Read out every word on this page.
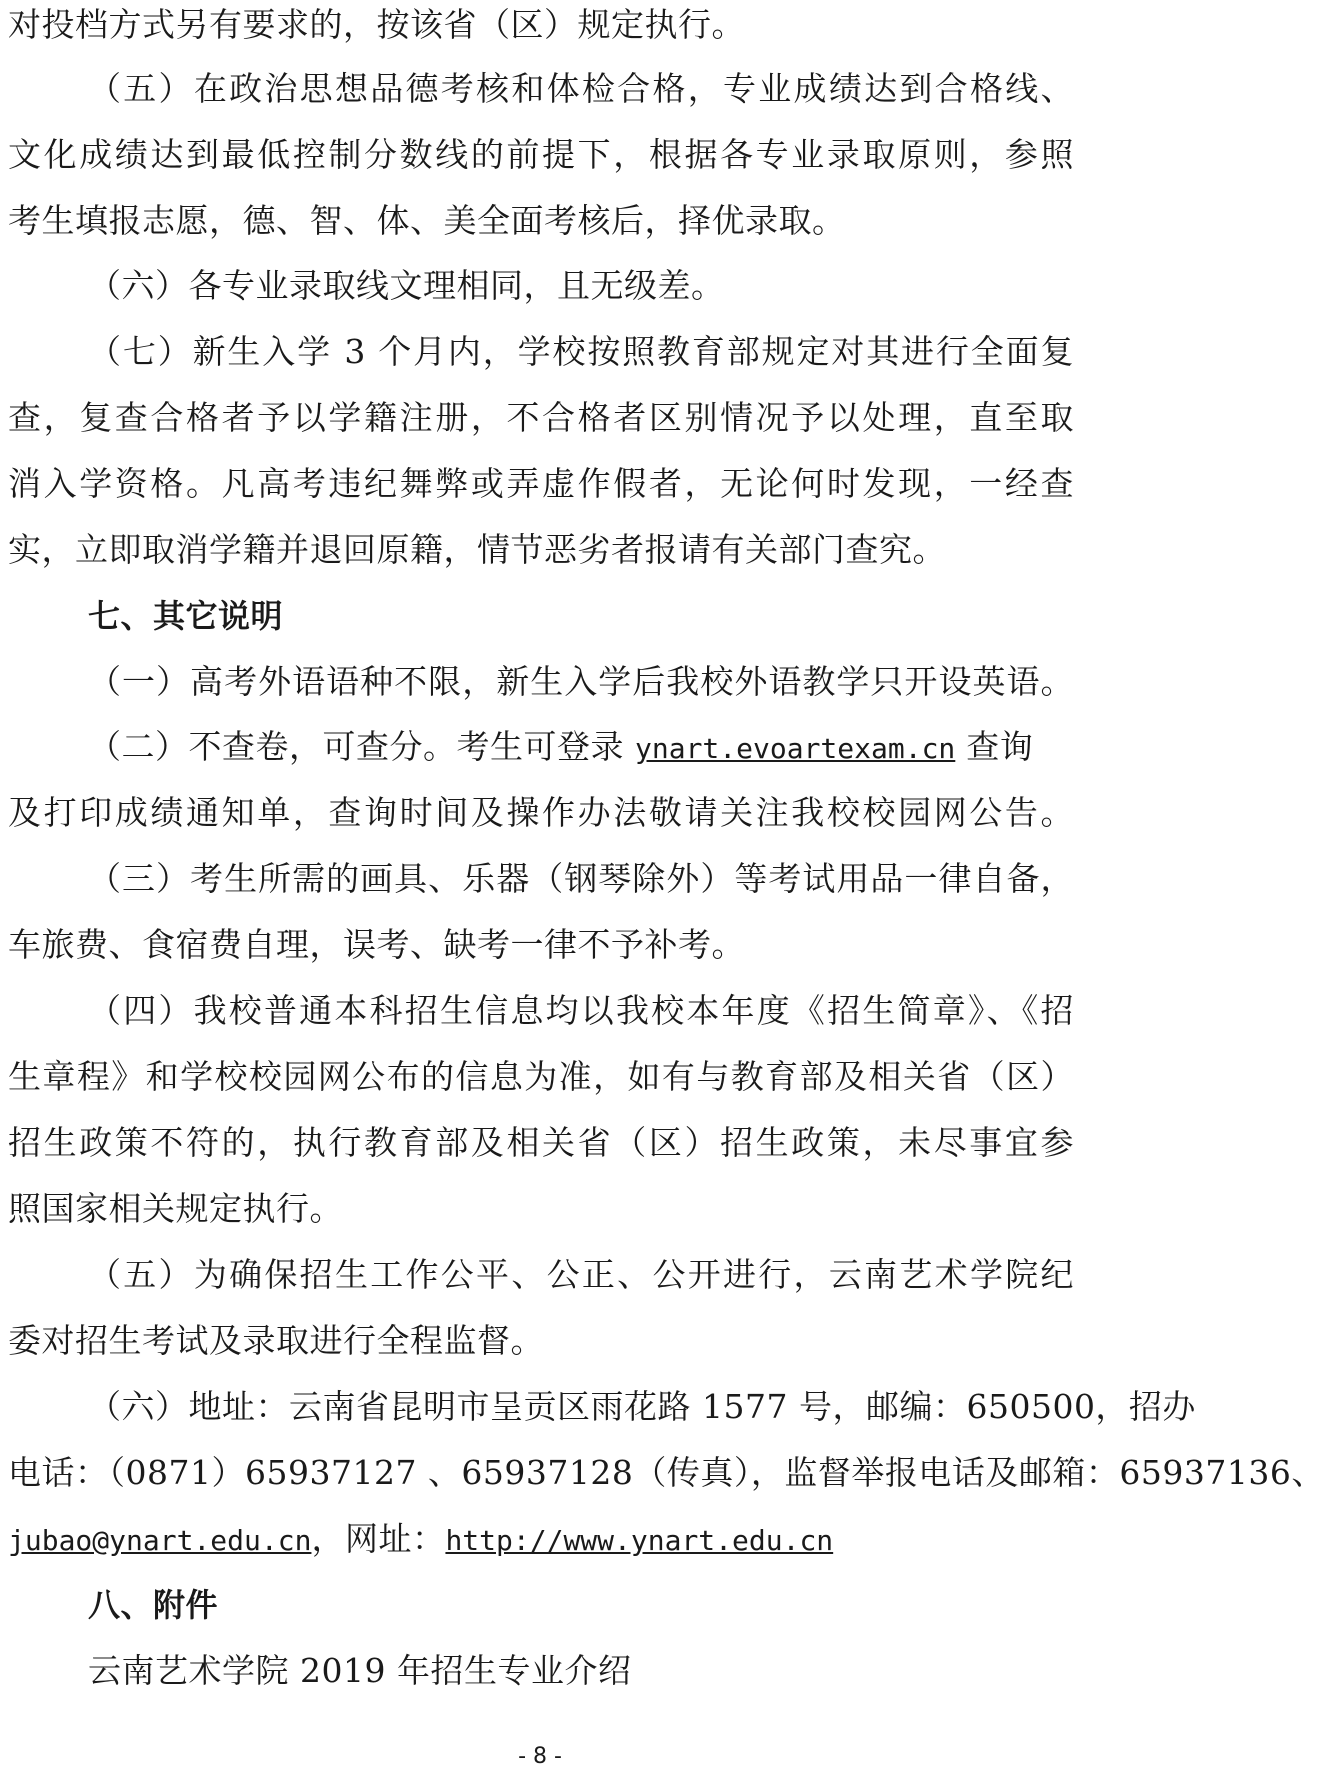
对投档方式另有要求的，按该省（区）规定执行。
（五）在政治思想品德考核和体检合格，专业成绩达到合格线、
文化成绩达到最低控制分数线的前提下，根据各专业录取原则，参照
考生填报志愿，德、智、体、美全面考核后，择优录取。
（六）各专业录取线文理相同，且无级差。
（七）新生入学 3 个月内，学校按照教育部规定对其进行全面复
查，复查合格者予以学籍注册，不合格者区别情况予以处理，直至取
消入学资格。凡高考违纪舞弊或弄虚作假者，无论何时发现，一经查
实，立即取消学籍并退回原籍，情节恶劣者报请有关部门查究。
七、其它说明
（一）高考外语语种不限，新生入学后我校外语教学只开设英语。
（二）不查卷，可查分。考生可登录 ynart.evoartexam.cn 查询
及打印成绩通知单，查询时间及操作办法敬请关注我校校园网公告。
（三）考生所需的画具、乐器（钢琴除外）等考试用品一律自备，
车旅费、食宿费自理，误考、缺考一律不予补考。
（四）我校普通本科招生信息均以我校本年度《招生简章》、《招
生章程》和学校校园网公布的信息为准，如有与教育部及相关省（区）
招生政策不符的，执行教育部及相关省（区）招生政策，未尽事宜参
照国家相关规定执行。
（五）为确保招生工作公平、公正、公开进行，云南艺术学院纪
委对招生考试及录取进行全程监督。
（六）地址：云南省昆明市呈贡区雨花路 1577 号，邮编：650500，招办
电话：（0871）65937127 、65937128（传真），监督举报电话及邮箱：65937136、
jubao@ynart.edu.cn，网址：http://www.ynart.edu.cn
八、附件
云南艺术学院 2019 年招生专业介绍
- 8 -
